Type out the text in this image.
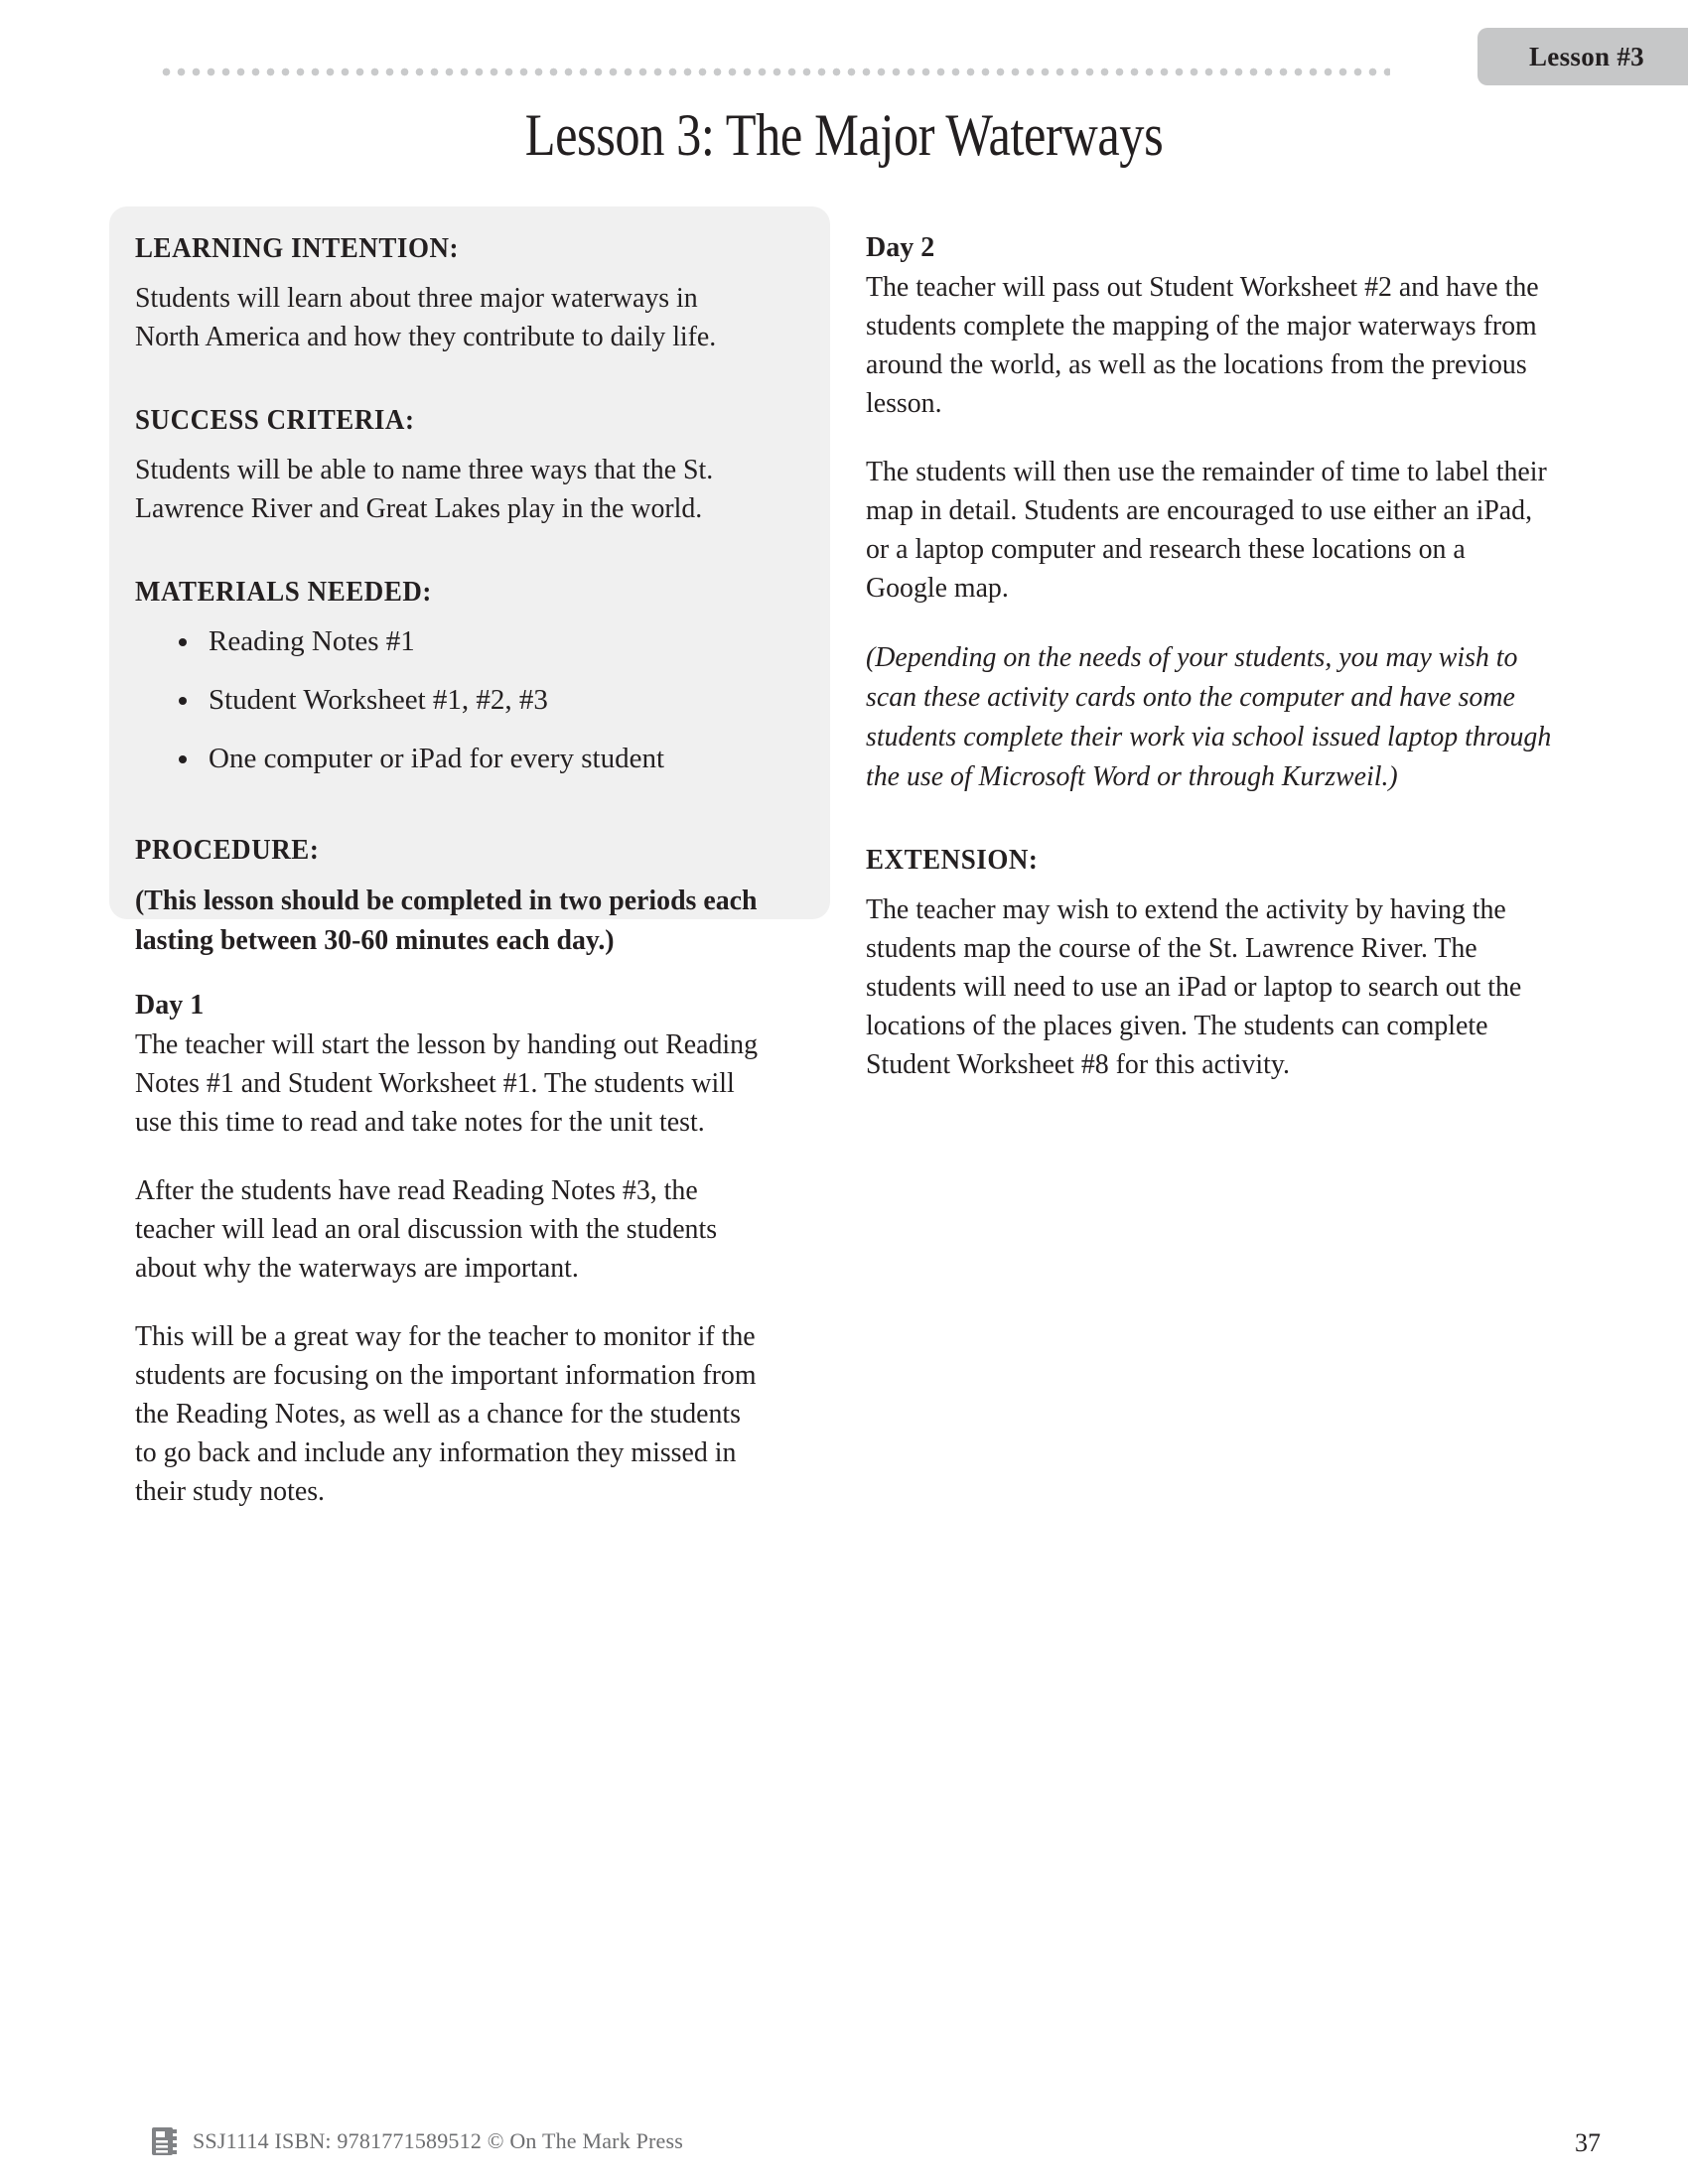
Lesson #3
Lesson 3: The Major Waterways
LEARNING INTENTION:

Students will learn about three major waterways in North America and how they contribute to daily life.

SUCCESS CRITERIA:

Students will be able to name three ways that the St. Lawrence River and Great Lakes play in the world.

MATERIALS NEEDED:
Reading Notes #1
Student Worksheet #1, #2, #3
One computer or iPad for every student
PROCEDURE:

(This lesson should be completed in two periods each lasting between 30-60 minutes each day.)

Day 1

The teacher will start the lesson by handing out Reading Notes #1 and Student Worksheet #1. The students will use this time to read and take notes for the unit test.

After the students have read Reading Notes #3, the teacher will lead an oral discussion with the students about why the waterways are important.

This will be a great way for the teacher to monitor if the students are focusing on the important information from the Reading Notes, as well as a chance for the students to go back and include any information they missed in their study notes.

Day 2

The teacher will pass out Student Worksheet #2 and have the students complete the mapping of the major waterways from around the world, as well as the locations from the previous lesson.

The students will then use the remainder of time to label their map in detail. Students are encouraged to use either an iPad, or a laptop computer and research these locations on a Google map.

(Depending on the needs of your students, you may wish to scan these activity cards onto the computer and have some students complete their work via school issued laptop through the use of Microsoft Word or through Kurzweil.)

EXTENSION:

The teacher may wish to extend the activity by having the students map the course of the St. Lawrence River. The students will need to use an iPad or laptop to search out the locations of the places given. The students can complete Student Worksheet #8 for this activity.

SSJ1114 ISBN: 9781771589512 © On The Mark Press	37
